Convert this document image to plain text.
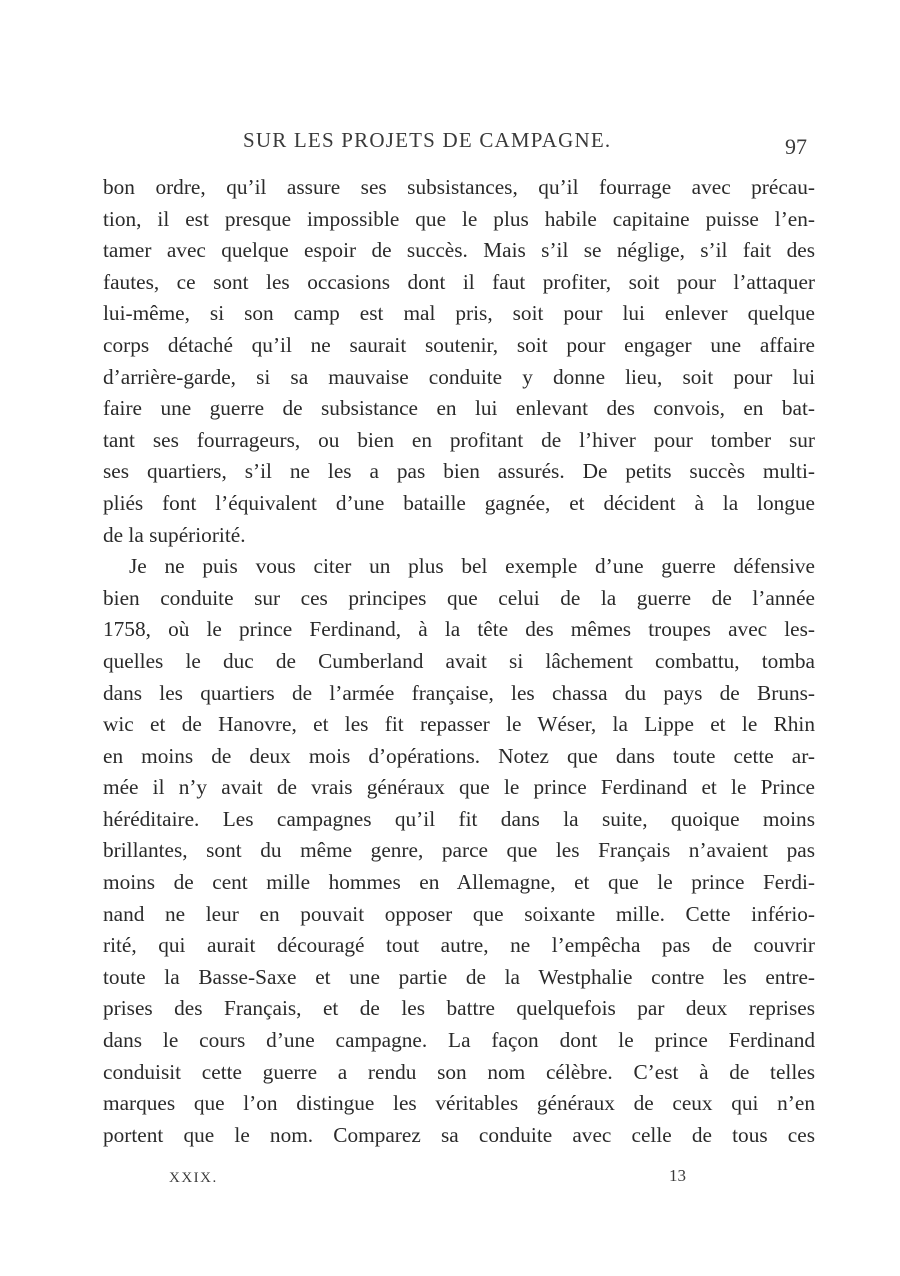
SUR LES PROJETS DE CAMPAGNE.	97
bon ordre, qu’il assure ses subsistances, qu’il fourrage avec précau-
tion, il est presque impossible que le plus habile capitaine puisse l’en-
tamer avec quelque espoir de succès. Mais s’il se néglige, s’il fait des
fautes, ce sont les occasions dont il faut profiter, soit pour l’attaquer
lui-même, si son camp est mal pris, soit pour lui enlever quelque
corps détaché qu’il ne saurait soutenir, soit pour engager une affaire
d’arrière-garde, si sa mauvaise conduite y donne lieu, soit pour lui
faire une guerre de subsistance en lui enlevant des convois, en bat-
tant ses fourrageurs, ou bien en profitant de l’hiver pour tomber sur
ses quartiers, s’il ne les a pas bien assurés. De petits succès multi-
pliés font l’équivalent d’une bataille gagnée, et décident à la longue
de la supériorité.
Je ne puis vous citer un plus bel exemple d’une guerre défensive
bien conduite sur ces principes que celui de la guerre de l’année
1758, où le prince Ferdinand, à la tête des mêmes troupes avec les-
quelles le duc de Cumberland avait si lâchement combattu, tomba
dans les quartiers de l’armée française, les chassa du pays de Bruns-
wic et de Hanovre, et les fit repasser le Wéser, la Lippe et le Rhin
en moins de deux mois d’opérations. Notez que dans toute cette ar-
mée il n’y avait de vrais généraux que le prince Ferdinand et le Prince
héréditaire. Les campagnes qu’il fit dans la suite, quoique moins
brillantes, sont du même genre, parce que les Français n’avaient pas
moins de cent mille hommes en Allemagne, et que le prince Ferdi-
nand ne leur en pouvait opposer que soixante mille. Cette infério-
rité, qui aurait découragé tout autre, ne l’empêcha pas de couvrir
toute la Basse-Saxe et une partie de la Westphalie contre les entre-
prises des Français, et de les battre quelquefois par deux reprises
dans le cours d’une campagne. La façon dont le prince Ferdinand
conduisit cette guerre a rendu son nom célèbre. C’est à de telles
marques que l’on distingue les véritables généraux de ceux qui n’en
portent que le nom. Comparez sa conduite avec celle de tous ces
XXIX.	13
